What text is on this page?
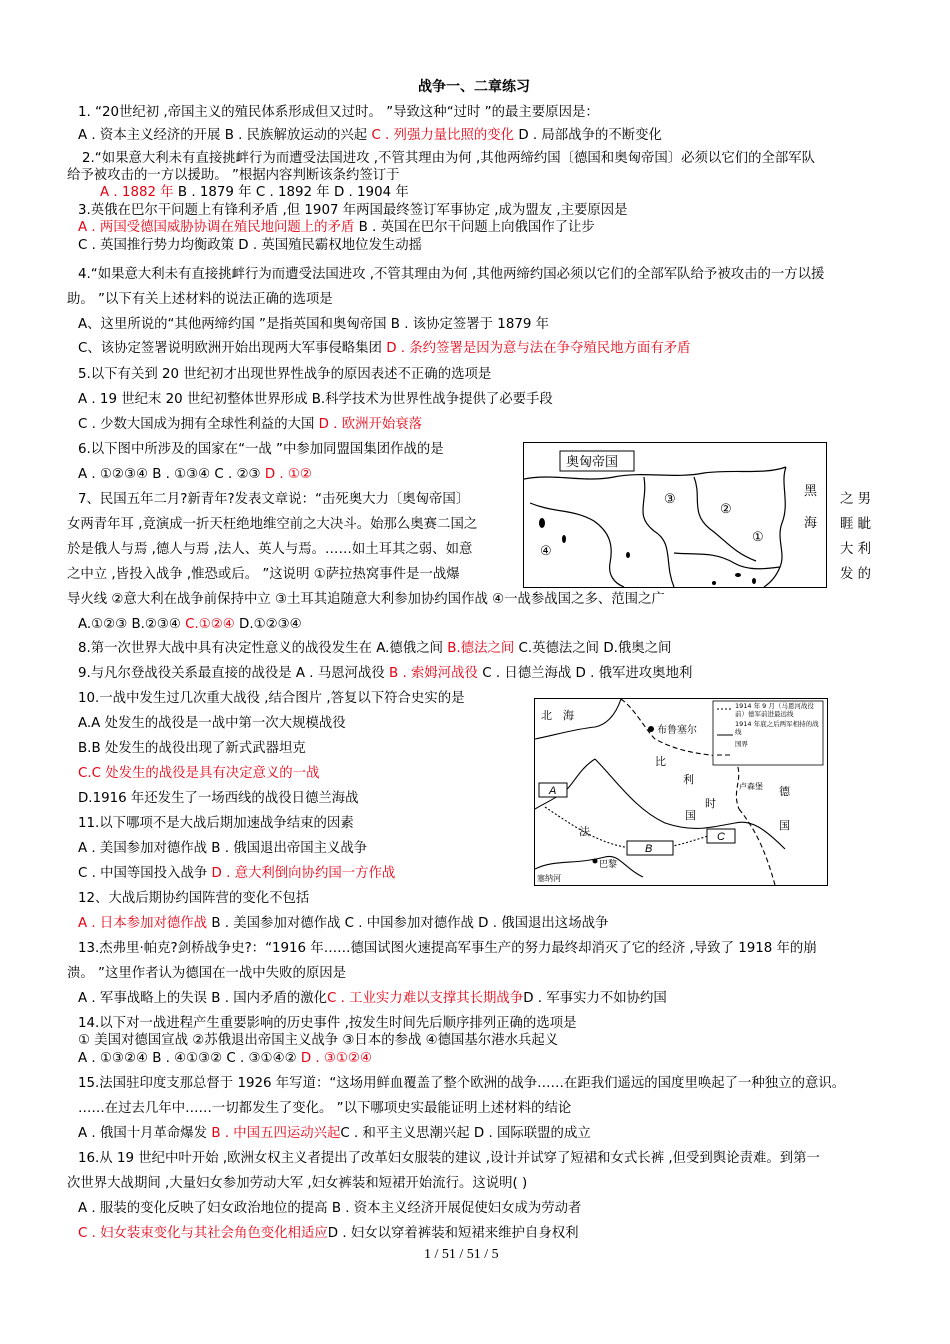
战争一、二章练习
1. “20世纪初 ,帝国主义的殖民体系形成但又过时。 ”导致这种“过时 ”的最主要原因是：
A . 资本主义经济的开展 B . 民族解放运动的兴起 C . 列强力量比照的变化 D . 局部战争的不断变化
2.“如果意大利未有直接挑衅行为而遭受法国进攻 ,不管其理由为何 ,其他两缔约国〔德国和奥匈帝国〕必须以它们的全部军队
给予被攻击的一方以援助。 ”根据内容判断该条约签订于
A . 1882 年 B . 1879 年 C . 1892 年 D . 1904 年
3.英俄在巴尔干问题上有锋利矛盾 ,但 1907 年两国最终签订军事协定 ,成为盟友 ,主要原因是
A . 两国受德国威胁协调在殖民地问题上的矛盾 B . 英国在巴尔干问题上向俄国作了让步
C . 英国推行势力均衡政策 D . 英国殖民霸权地位发生动摇
4.“如果意大利未有直接挑衅行为而遭受法国进攻 ,不管其理由为何 ,其他两缔约国必须以它们的全部军队给予被攻击的一方以援
助。 ”以下有关上述材料的说法正确的选项是
A、这里所说的“其他两缔约国 ”是指英国和奥匈帝国 B . 该协定签署于 1879 年
C、该协定签署说明欧洲开始出现两大军事侵略集团 D . 条约签署是因为意与法在争夺殖民地方面有矛盾
5.以下有关到 20 世纪初才出现世界性战争的原因表述不正确的选项是
A . 19 世纪末 20 世纪初整体世界形成 B.科学技术为世界性战争提供了必要手段
C . 少数大国成为拥有全球性利益的大国 D . 欧洲开始衰落
6.以下图中所涉及的国家在“一战 ”中参加同盟国集团作战的是
A . ①②③④ B . ①③④ C . ②③ D . ①②
7、民国五年二月?新青年?发表文章说：“击死奥大力〔奥匈帝国〕
女两青年耳 ,竟演成一折天枉绝地维空前之大决斗。始那么奥赛二国之
於是俄人与焉 ,德人与焉 ,法人、英人与焉。……如土耳其之弱、如意
之中立 ,皆投入战争 ,惟恐或后。 ”这说明 ①萨拉热窝事件是一战爆
导火线 ②意大利在战争前保持中立 ③土耳其追随意大利参加协约国作战 ④一战参战国之多、范围之广
A.①②③ B.②③④ C.①②④ D.①②③④
8.第一次世界大战中具有决定性意义的战役发生在 A.德俄之间 B.德法之间 C.英德法之间 D.俄奥之间
9.与凡尔登战役关系最直接的战役是 A . 马恩河战役 B . 索姆河战役 C . 日德兰海战 D . 俄军进攻奥地利
10.一战中发生过几次重大战役 ,结合图片 ,答复以下符合史实的是
A.A 处发生的战役是一战中第一次大规模战役
B.B 处发生的战役出现了新式武器坦克
C.C 处发生的战役是具有决定意义的一战
D.1916 年还发生了一场西线的战役日德兰海战
11.以下哪项不是大战后期加速战争结束的因素
A . 美国参加对德作战 B . 俄国退出帝国主义战争
C . 中国等国投入战争 D . 意大利倒向协约国一方作战
12、大战后期协约国阵营的变化不包括
A . 日本参加对德作战 B . 美国参加对德作战 C . 中国参加对德作战 D . 俄国退出这场战争
13.杰弗里·帕克?剑桥战争史?：“1916 年……德国试图火速提高军事生产的努力最终却消灭了它的经济 ,导致了 1918 年的崩
溃。 ”这里作者认为德国在一战中失败的原因是
A . 军事战略上的失误 B . 国内矛盾的激化C . 工业实力难以支撑其长期战争D . 军事实力不如协约国
14.以下对一战进程产生重要影响的历史事件 ,按发生时间先后顺序排列正确的选项是
① 美国对德国宣战 ②苏俄退出帝国主义战争 ③日本的参战 ④德国基尔港水兵起义
A . ①③②④ B . ④①③② C . ③①④② D . ③①②④
15.法国驻印度支那总督于 1926 年写道：“这场用鲜血覆盖了整个欧洲的战争……在距我们遥远的国度里唤起了一种独立的意识。
……在过去几年中……一切都发生了变化。 ”以下哪项史实最能证明上述材料的结论
A . 俄国十月革命爆发 B . 中国五四运动兴起C . 和平主义思潮兴起 D . 国际联盟的成立
16.从 19 世纪中叶开始 ,欧洲女权主义者提出了改革妇女服装的建议 ,设计并试穿了短裙和女式长裤 ,但受到舆论责难。到第一
次世界大战期间 ,大量妇女参加劳动大军 ,妇女裤装和短裙开始流行。这说明( )
A . 服装的变化反映了妇女政治地位的提高 B . 资本主义经济开展促使妇女成为劳动者
C . 妇女装束变化与其社会角色变化相适应D . 妇女以穿着裤装和短裙来维护自身权利
之 男
睚 眦
大 利
发 的
奥匈帝国
③
②
①
④
黑
海
A
B
C
北 海
布鲁塞尔
比
利
时
德
国
法
国
卢森堡
巴黎
塞纳河
1914 年 9 月（马恩河战役前）德军前进最远线
1914 年底之后两军相持的战线
国界
1 / 51 / 51 / 5
